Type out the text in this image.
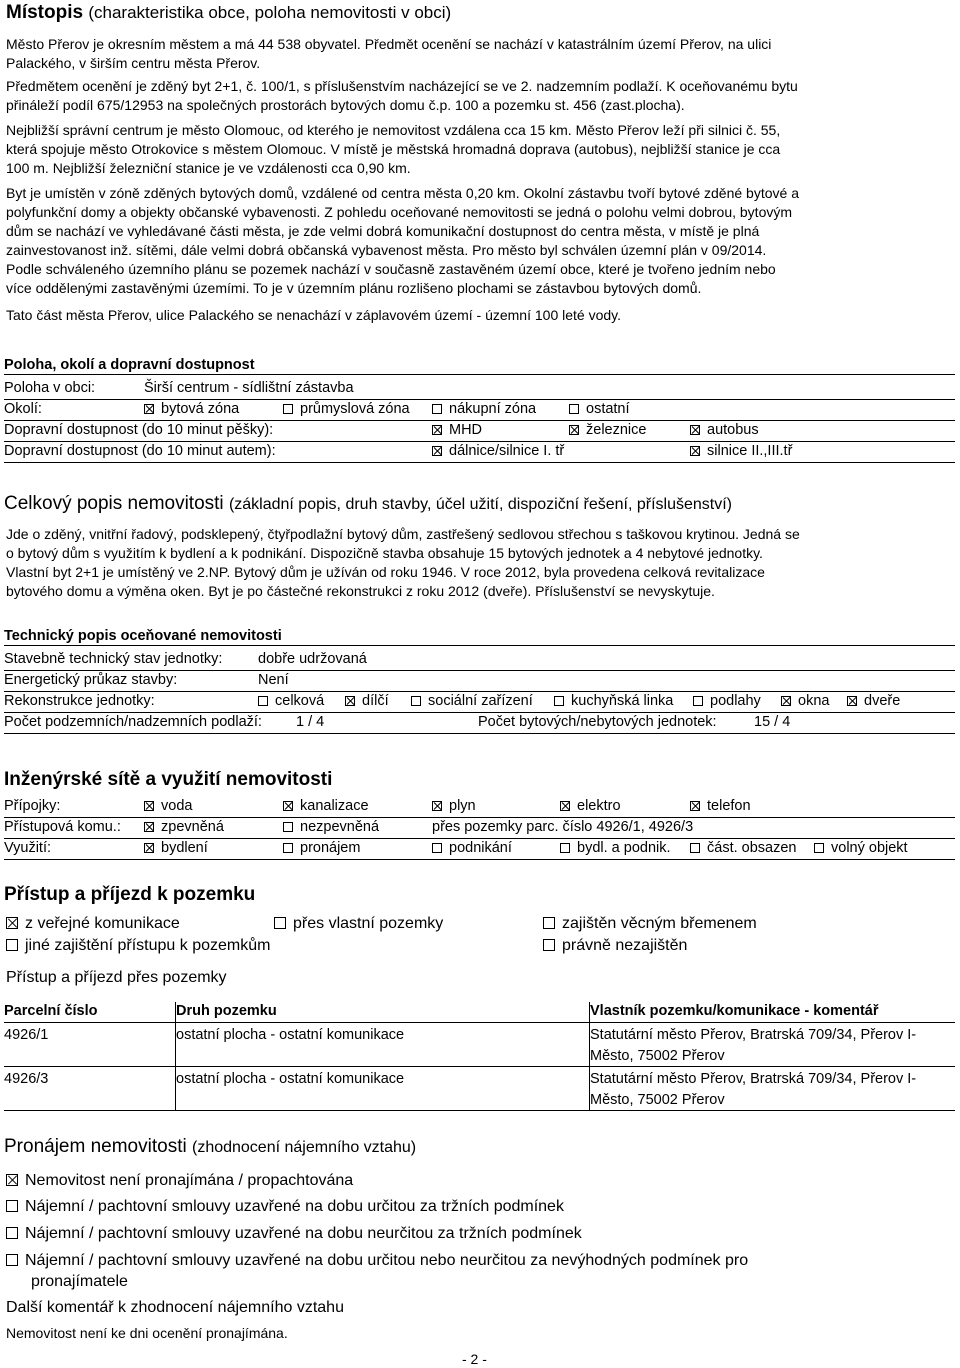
Místopis (charakteristika obce, poloha nemovitosti v obci)
Město Přerov je okresním městem a má 44 538 obyvatel. Předmět ocenění se nachází v katastrálním území Přerov, na ulici
Palackého, v širším centru města Přerov.
Předmětem ocenění je zděný byt 2+1, č. 100/1, s příslušenstvím nacházející se ve 2. nadzemním podlaží. K oceňovanému bytu
přináleží podíl 675/12953 na společných prostorách bytových domu č.p. 100 a pozemku st. 456 (zast.plocha).
Nejbližší správní centrum je město Olomouc, od kterého je nemovitost vzdálena cca 15 km. Město Přerov leží při silnici č. 55,
která spojuje město Otrokovice s městem Olomouc. V místě je městská hromadná doprava (autobus), nejbližší stanice je cca
100 m. Nejbližší železniční stanice je ve vzdálenosti cca 0,90 km.
Byt je umístěn v zóně zděných bytových domů, vzdálené od centra města 0,20 km. Okolní zástavbu tvoří bytové zděné bytové a
polyfunkční domy a objekty občanské vybavenosti. Z pohledu oceňované nemovitosti se jedná o polohu velmi dobrou, bytovým
dům se nachází ve vyhledávané části města, je zde velmi dobrá komunikační dostupnost do centra města, v místě je plná
zainvestovanost inž. sítěmi, dále velmi dobrá občanská vybavenost města. Pro město byl schválen územní plán v 09/2014.
Podle schváleného územního plánu se pozemek nachází v současně zastavěném území obce, které je tvořeno jedním nebo
více oddělenými zastavěnými územími. To je v územním plánu rozlišeno plochami se zástavbou bytových domů.
Tato část města Přerov, ulice Palackého se nenachází v záplavovém území - územní 100 leté vody.
Poloha, okolí a dopravní dostupnost
Poloha v obci:	Širší centrum - sídlištní zástavba
Okolí:	bytová zóna	průmyslová zóna	nákupní zóna	ostatní
Dopravní dostupnost (do 10 minut pěšky):	MHD	železnice	autobus
Dopravní dostupnost (do 10 minut autem):	dálnice/silnice I. tř	silnice II.,III.tř
Celkový popis nemovitosti (základní popis, druh stavby, účel užití, dispoziční řešení, příslušenství)
Jde o zděný, vnitřní řadový, podsklepený, čtyřpodlažní bytový dům, zastřešený sedlovou střechou s taškovou krytinou. Jedná se
o bytový dům s využitím k bydlení a k podnikání. Dispozičně stavba obsahuje 15 bytových jednotek a 4 nebytové jednotky.
Vlastní byt 2+1 je umístěný ve 2.NP. Bytový dům je užíván od roku 1946. V roce 2012, byla provedena celková revitalizace
bytového domu a výměna oken. Byt je po částečné rekonstrukci z roku 2012 (dveře). Příslušenství se nevyskytuje.
Technický popis oceňované nemovitosti
Stavebně technický stav jednotky: dobře udržovaná
Energetický průkaz stavby:	Není
Rekonstrukce jednotky:	celková	dílčí	sociální zařízení	kuchyňská linka	podlahy	okna	dveře
Počet podzemních/nadzemních podlaží: 1 / 4	Počet bytových/nebytových jednotek:	15 / 4
Inženýrské sítě a využití nemovitosti
Přípojky:	voda	kanalizace	plyn	elektro	telefon
Přístupová komu.:	zpevněná	nezpevněná	přes pozemky parc. číslo 4926/1, 4926/3
Využití:	bydlení	pronájem	podnikání	bydl. a podnik.	část. obsazen	volný objekt
Přístup a příjezd k pozemku
z veřejné komunikace	přes vlastní pozemky	zajištěn věcným břemenem
jiné zajištění přístupu k pozemkům	právně nezajištěn
Přístup a příjezd přes pozemky
Parcelní číslo	Druh pozemku	Vlastník pozemku/komunikace - komentář
4926/1	ostatní plocha - ostatní komunikace	Statutární město Přerov, Bratrská 709/34, Přerov I-
Město, 75002 Přerov
4926/3	ostatní plocha - ostatní komunikace	Statutární město Přerov, Bratrská 709/34, Přerov I-
Město, 75002 Přerov
Pronájem nemovitosti (zhodnocení nájemního vztahu)
Nemovitost není pronajímána / propachtována
Nájemní / pachtovní smlouvy uzavřené na dobu určitou za tržních podmínek
Nájemní / pachtovní smlouvy uzavřené na dobu neurčitou za tržních podmínek
Nájemní / pachtovní smlouvy uzavřené na dobu určitou nebo neurčitou za nevýhodných podmínek pro
pronajímatele
Další komentář k zhodnocení nájemního vztahu
Nemovitost není ke dni ocenění pronajímána.
- 2 -
